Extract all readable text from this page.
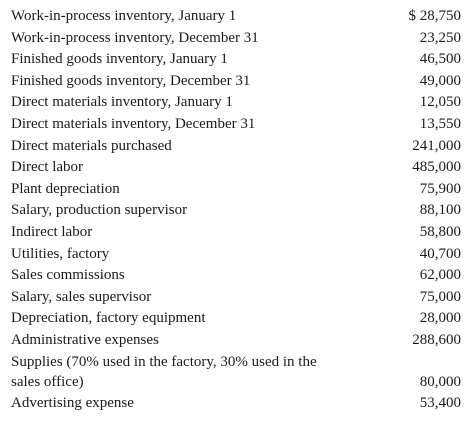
Work-in-process inventory, January 1	$ 28,750
Work-in-process inventory, December 31	23,250
Finished goods inventory, January 1	46,500
Finished goods inventory, December 31	49,000
Direct materials inventory, January 1	12,050
Direct materials inventory, December 31	13,550
Direct materials purchased	241,000
Direct labor	485,000
Plant depreciation	75,900
Salary, production supervisor	88,100
Indirect labor	58,800
Utilities, factory	40,700
Sales commissions	62,000
Salary, sales supervisor	75,000
Depreciation, factory equipment	28,000
Administrative expenses	288,600
Supplies (70% used in the factory, 30% used in the sales office)	80,000
Advertising expense	53,400
